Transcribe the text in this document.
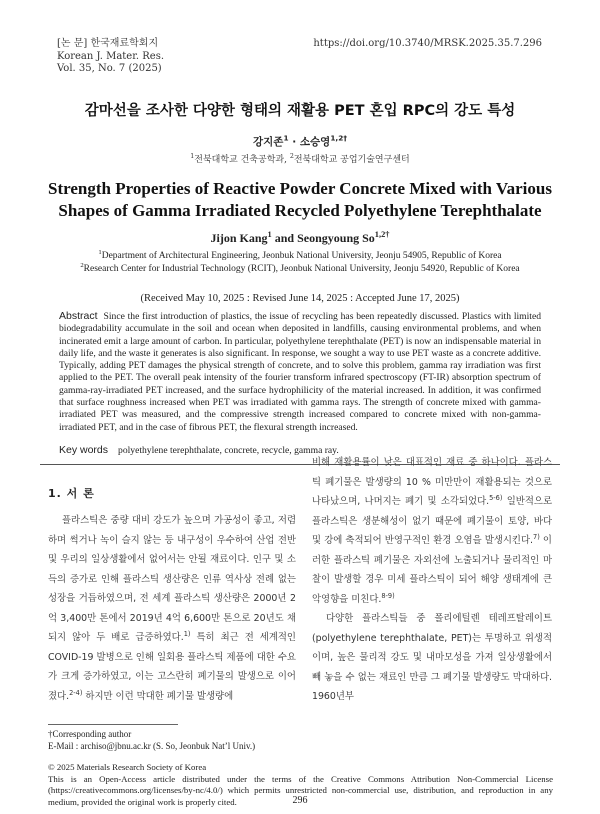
[논 문] 한국재료학회지
Korean J. Mater. Res.
Vol. 35, No. 7 (2025)
https://doi.org/10.3740/MRSK.2025.35.7.296
감마선을 조사한 다양한 형태의 재활용 PET 혼입 RPC의 강도 특성
강지존$^1$ · 소승영$^{1,2\dagger}$
$^1$전북대학교 건축공학과, $^2$전북대학교 공업기술연구센터
Strength Properties of Reactive Powder Concrete Mixed with Various Shapes of Gamma Irradiated Recycled Polyethylene Terephthalate
Jijon Kang$^1$ and Seongyoung $So^{1,2\dagger}$
$^1$Department of Architectural Engineering, Jeonbuk National University, Jeonju 54905, Republic of Korea
$^2$Research Center for Industrial Technology (RCIT), Jeonbuk National University, Jeonju 54920, Republic of Korea
(Received May 10, 2025 : Revised June 14, 2025 : Accepted June 17, 2025)
Abstract Since the first introduction of plastics, the issue of recycling has been repeatedly discussed. Plastics with limited biodegradability accumulate in the soil and ocean when deposited in landfills, causing environmental problems, and when incinerated emit a large amount of carbon. In particular, polyethylene terephthalate (PET) is now an indispensable material in daily life, and the waste it generates is also significant. In response, we sought a way to use PET waste as a concrete additive. Typically, adding PET damages the physical strength of concrete, and to solve this problem, gamma ray irradiation was first applied to the PET. The overall peak intensity of the fourier transform infrared spectroscopy (FT-IR) absorption spectrum of gamma-ray-irradiated PET increased, and the surface hydrophilicity of the material increased. In addition, it was confirmed that surface roughness increased when PET was irradiated with gamma rays. The strength of concrete mixed with gamma-irradiated PET was measured, and the compressive strength increased compared to concrete mixed with non-gamma-irradiated PET, and in the case of fibrous PET, the flexural strength increased.
Key words polyethylene terephthalate, concrete, recycle, gamma ray.
1. 서 론

플라스틱은 중량 대비 강도가 높으며 가공성이 좋고, 저렴하며 썩거나 녹이 슬지 않는 등 내구성이 우수하여 산업 전반 및 우리의 일상생활에서 없어서는 안될 재료이다. 인구 및 소득의 증가로 인해 플라스틱 생산량은 인류 역사상 전례 없는 성장을 거듭하였으며, 전 세계 플라스틱 생산량은 2000년 2억 3,400만 톤에서 2019년 4억 6,600만 톤으로 20년도 채 되지 않아 두 배로 급증하였다.$^{1)}$ 특히 최근 전 세계적인 COVID-19 발병으로 인해 일회용 플라스틱 제품에 대한 수요가 크게 증가하였고, 이는 고스란히 폐기물의 발생으로 이어졌다.$^{2-4)}$ 하지만 이런 막대한 폐기물 발생량에

비해 재활용률이 낮은 대표적인 재료 중 하나이다. 플라스틱 폐기물은 발생량의 10 % 미만만이 재활용되는 것으로 나타났으며, 나머지는 폐기 및 소각되었다.$^{5-6)}$ 일반적으로 플라스틱은 생분해성이 없기 때문에 폐기물이 토양, 바다 및 강에 축적되어 반영구적인 환경 오염을 발생시킨다.$^{7)}$ 이러한 플라스틱 폐기물은 자외선에 노출되거나 물리적인 마찰이 발생할 경우 미세 플라스틱이 되어 해양 생태계에 큰 악영향을 미친다.$^{8-9)}$

다양한 플라스틱들 중 폴리에틸렌 테레프탈레이트(polyethylene terephthalate, PET)는 투명하고 위생적이며, 높은 물리적 강도 및 내마모성을 가져 일상생활에서 빼 놓을 수 없는 재료인 만큼 그 폐기물 발생량도 막대하다. 1960년부

†Corresponding author
E-Mail : archiso@jbnu.ac.kr (S. So, Jeonbuk Nat’l Univ.)
© 2025 Materials Research Society of Korea
This is an Open-Access article distributed under the terms of the Creative Commons Attribution Non-Commercial License (https://creativecommons.org/licenses/by-nc/4.0/) which permits unrestricted non-commercial use, distribution, and reproduction in any medium, provided the original work is properly cited.	296
